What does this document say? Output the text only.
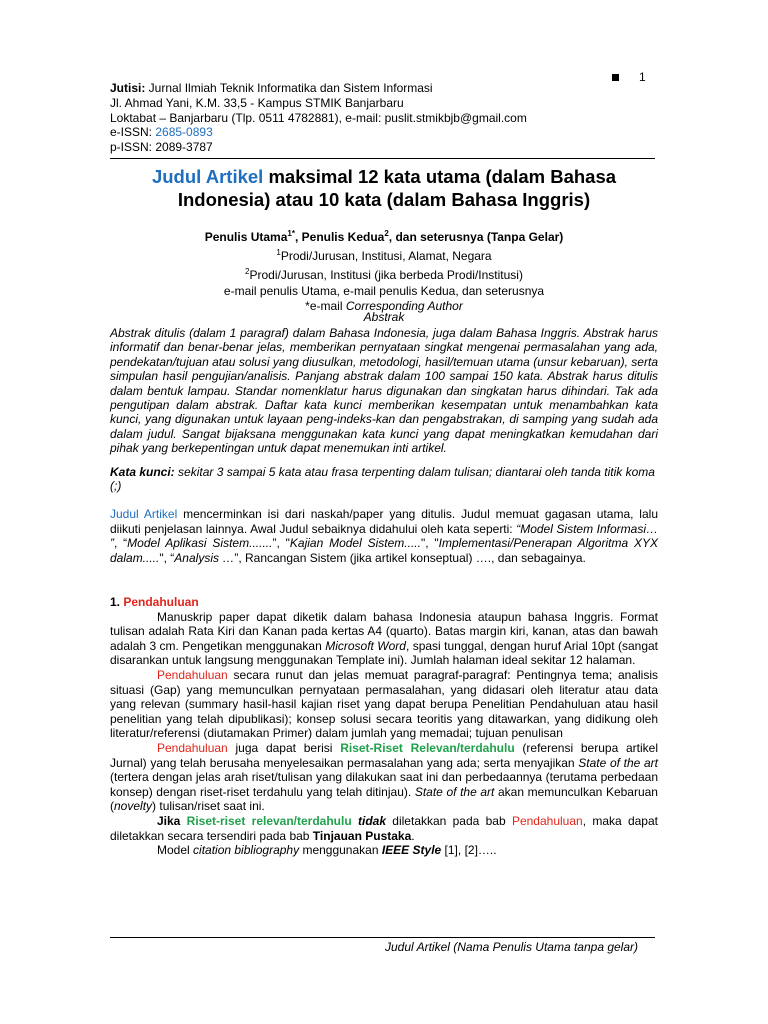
1
Jutisi: Jurnal Ilmiah Teknik Informatika dan Sistem Informasi
Jl. Ahmad Yani, K.M. 33,5 - Kampus STMIK Banjarbaru
Loktabat – Banjarbaru (Tlp. 0511 4782881), e-mail: puslit.stmikbjb@gmail.com
e-ISSN: 2685-0893
p-ISSN: 2089-3787
Judul Artikel maksimal 12 kata utama (dalam Bahasa Indonesia) atau 10 kata (dalam Bahasa Inggris)
Penulis Utama$^{1*}$, Penulis Kedua$^2$, dan seterusnya (Tanpa Gelar)
$^1$Prodi/Jurusan, Institusi, Alamat, Negara
$^2$Prodi/Jurusan, Institusi (jika berbeda Prodi/Institusi)
e-mail penulis Utama, e-mail penulis Kedua, dan seterusnya
*e-mail Corresponding Author
Abstrak
Abstrak ditulis (dalam 1 paragraf) dalam Bahasa Indonesia, juga dalam Bahasa Inggris. Abstrak harus informatif dan benar-benar jelas, memberikan pernyataan singkat mengenai permasalahan yang ada, pendekatan/tujuan atau solusi yang diusulkan, metodologi, hasil/temuan utama (unsur kebaruan), serta simpulan hasil pengujian/analisis. Panjang abstrak dalam 100 sampai 150 kata. Abstrak harus ditulis dalam bentuk lampau. Standar nomenklatur harus digunakan dan singkatan harus dihindari. Tak ada pengutipan dalam abstrak. Daftar kata kunci memberikan kesempatan untuk menambahkan kata kunci, yang digunakan untuk layaan peng-indeks-kan dan pengabstrakan, di samping yang sudah ada dalam judul. Sangat bijaksana menggunakan kata kunci yang dapat meningkatkan kemudahan dari pihak yang berkepentingan untuk dapat menemukan inti artikel.
Kata kunci: sekitar 3 sampai 5 kata atau frasa terpenting dalam tulisan; diantarai oleh tanda titik koma (;)

Judul Artikel mencerminkan isi dari naskah/paper yang ditulis. Judul memuat gagasan utama, lalu diikuti penjelasan lainnya. Awal Judul sebaiknya didahului oleh kata seperti: “Model Sistem Informasi… ”, “Model Aplikasi Sistem.......”, "Kajian Model Sistem.....", "Implementasi/Penerapan Algoritma XYX dalam.....", “Analysis …”, Rancangan Sistem (jika artikel konseptual) …., dan sebagainya.

1. Pendahuluan

Manuskrip paper dapat diketik dalam bahasa Indonesia ataupun bahasa Inggris. Format tulisan adalah Rata Kiri dan Kanan pada kertas A4 (quarto). Batas margin kiri, kanan, atas dan bawah adalah 3 cm. Pengetikan menggunakan Microsoft Word, spasi tunggal, dengan huruf Arial 10pt (sangat disarankan untuk langsung menggunakan Template ini). Jumlah halaman ideal sekitar 12 halaman.

Pendahuluan secara runut dan jelas memuat paragraf-paragraf: Pentingnya tema; analisis situasi (Gap) yang memunculkan pernyataan permasalahan, yang didasari oleh literatur atau data yang relevan (summary hasil-hasil kajian riset yang dapat berupa Penelitian Pendahuluan atau hasil penelitian yang telah dipublikasi); konsep solusi secara teoritis yang ditawarkan, yang didikung oleh literatur/referensi (diutamakan Primer) dalam jumlah yang memadai; tujuan penulisan

Pendahuluan juga dapat berisi Riset-Riset Relevan/terdahulu (referensi berupa artikel Jurnal) yang telah berusaha menyelesaikan permasalahan yang ada; serta menyajikan State of the art (tertera dengan jelas arah riset/tulisan yang dilakukan saat ini dan perbedaannya (terutama perbedaan konsep) dengan riset-riset terdahulu yang telah ditinjau). State of the art akan memunculkan Kebaruan (novelty) tulisan/riset saat ini.

Jika Riset-riset relevan/terdahulu tidak diletakkan pada bab Pendahuluan, maka dapat diletakkan secara tersendiri pada bab Tinjauan Pustaka.

Model citation bibliography menggunakan IEEE Style [1], [2]…..

Judul Artikel (Nama Penulis Utama tanpa gelar)
